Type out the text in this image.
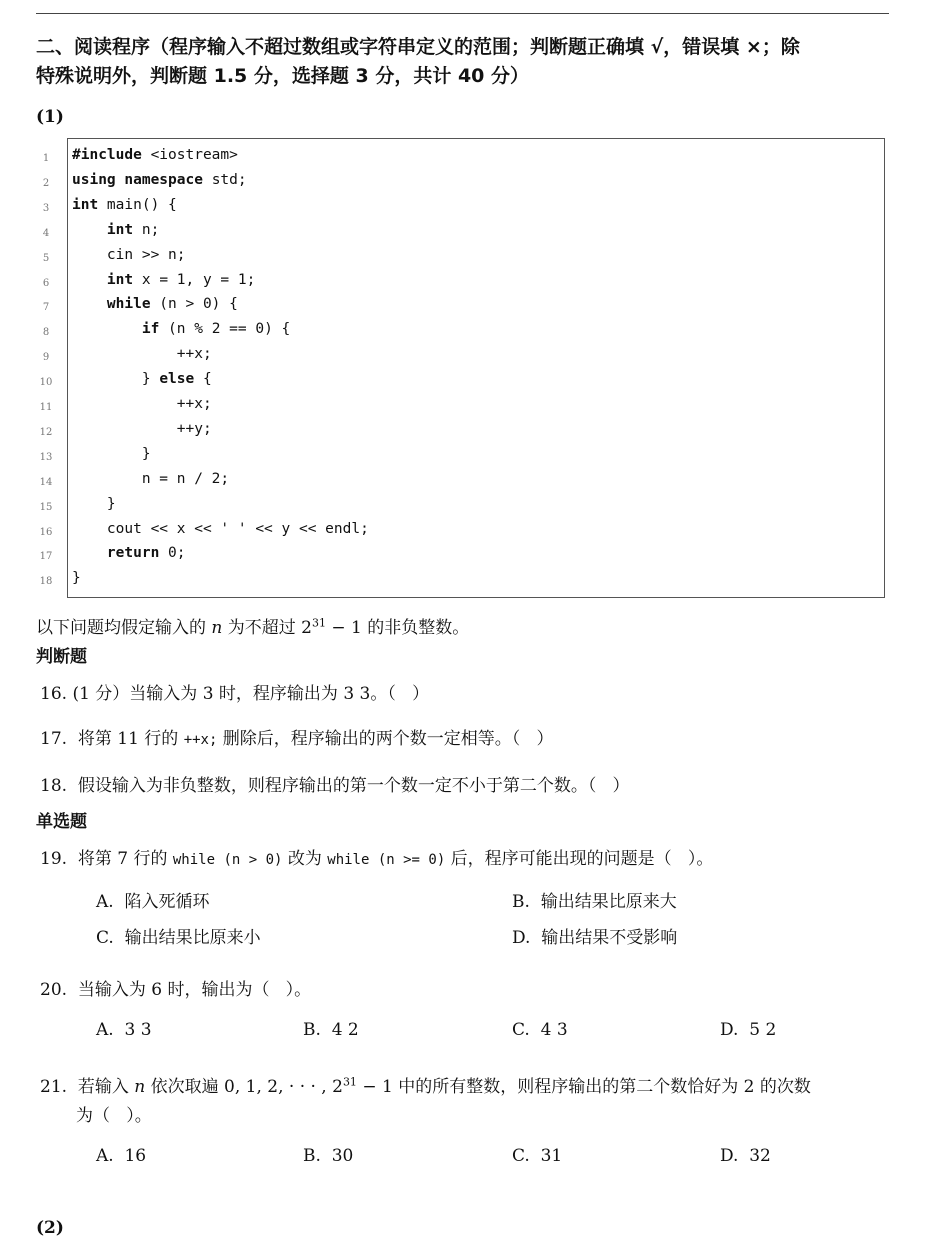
二、阅读程序（程序输入不超过数组或字符串定义的范围；判断题正确填 √，错误填 ×；除
特殊说明外，判断题 1.5 分，选择题 3 分，共计 40 分）
(1)
1	#include <iostream>
2	using namespace std;
3	int main() {
4	int n;
5	cin >> n;
6	int x = 1, y = 1;
7	while (n > 0) {
8	if (n % 2 == 0) {
9	++x;
10 } else {
11 ++x;
12 ++y;
13 }
14 n = n / 2;
15 }
16 cout << x << ' ' << y << endl;
17	return 0;
18 }
以下问题均假定输入的 n 为不超过 $2^{31} - 1$ 的非负整数。
判断题
16. (1 分）当输入为 3 时，程序输出为 3 3。（   ）
17.  将第 11 行的 ++x; 删除后，程序输出的两个数一定相等。（   ）
18.  假设输入为非负整数，则程序输出的第一个数一定不小于第二个数。（   ）
单选题
19.  将第 7 行的 while (n > 0) 改为 while (n >= 0) 后，程序可能出现的问题是（   ）。
A.  陷入死循环	B.  输出结果比原来大
C.  输出结果比原来小	D.  输出结果不受影响
20.  当输入为 6 时，输出为（   ）。
A.  3 3	B.  4 2	C.  4 3	D.  5 2
21.  若输入 n 依次取遍 0, 1, 2, · · · , $2^{31} - 1$ 中的所有整数，则程序输出的第二个数恰好为 2 的次数
为（   ）。
A.  16	B.  30	C.  31	D.  32
(2)
